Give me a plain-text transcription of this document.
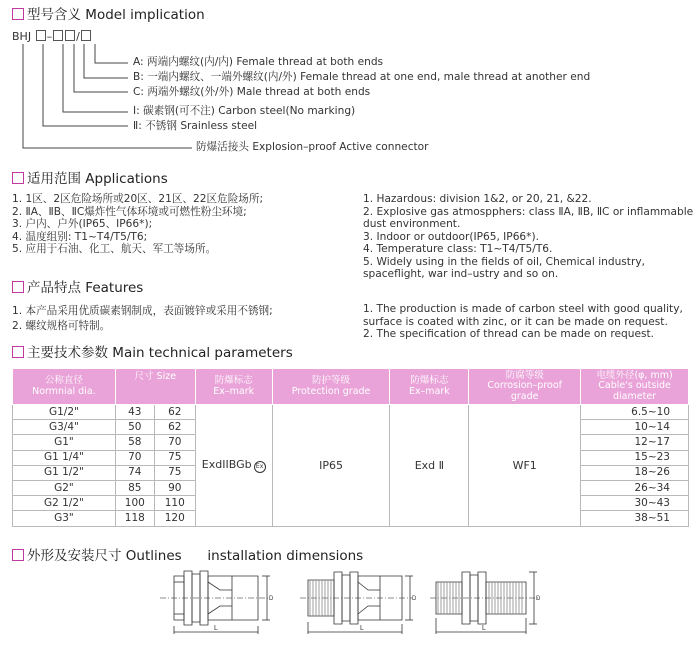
型号含义 Model implication
BHJ – /
A: 两端内螺纹(内/内) Female thread at both ends
B: 一端内螺纹、一端外螺纹(内/外) Female thread at one end, male thread at another end
C: 两端外螺纹(外/外) Male thread at both ends
Ⅰ: 碳素钢(可不注) Carbon steel(No marking)
Ⅱ: 不锈钢 Srainless steel
防爆活接头 Explosion–proof Active connector
适用范围 Applications
1. 1区、2区危险场所或20区、21区、22区危险场所;
2. ⅡA、ⅡB、ⅡC爆炸性气体环境或可燃性粉尘环境;
3. 户内、户外(IP65、IP66*);
4. 温度组别: T1~T4/T5/T6;
5. 应用于石油、化工、航天、军工等场所。
1. Hazardous: division 1&2, or 20, 21, &22.
2. Explosive gas atmospphers: class ⅡA, ⅡB, ⅡC or inflammable dust environment.
3. Indoor or outdoor(IP65, IP66*).
4. Temperature class: T1~T4/T5/T6.
5. Widely using in the fields of oil, Chemical industry, spaceflight, war ind–ustry and so on.
产品特点 Features
1. 本产品采用优质碳素钢制成，表面镀锌或采用不锈钢;
2. 螺纹规格可特制。
1. The production is made of carbon steel with good quality, surface is coated with zinc, or it can be made on request.
2. The specification of thread can be made on request.
主要技术参数 Main technical parameters
公称直径
Normnial dia.	尺寸 Size		防爆标志
Ex–mark	防护等级
Protection grade	防爆标志
Ex–mark	防腐等级
Corrosion–proof
grade	电缆外径(φ, mm)
Cable's outside
diameter
G1/2"	43	62	ExdIIBGb Ex	IP65	Exd Ⅱ	WF1	6.5~10
G3/4"	50	62					10~14
G1"	58	70					12~17
G1 1/4"	70	75					15~23
G1 1/2"	74	75					18~26
G2"	85	90					26~34
G2 1/2"	100	110					30~43
G3"	118	120					38~51
外形及安装尺寸 Outlines      installation dimensions
D
L
D
L
D
L
